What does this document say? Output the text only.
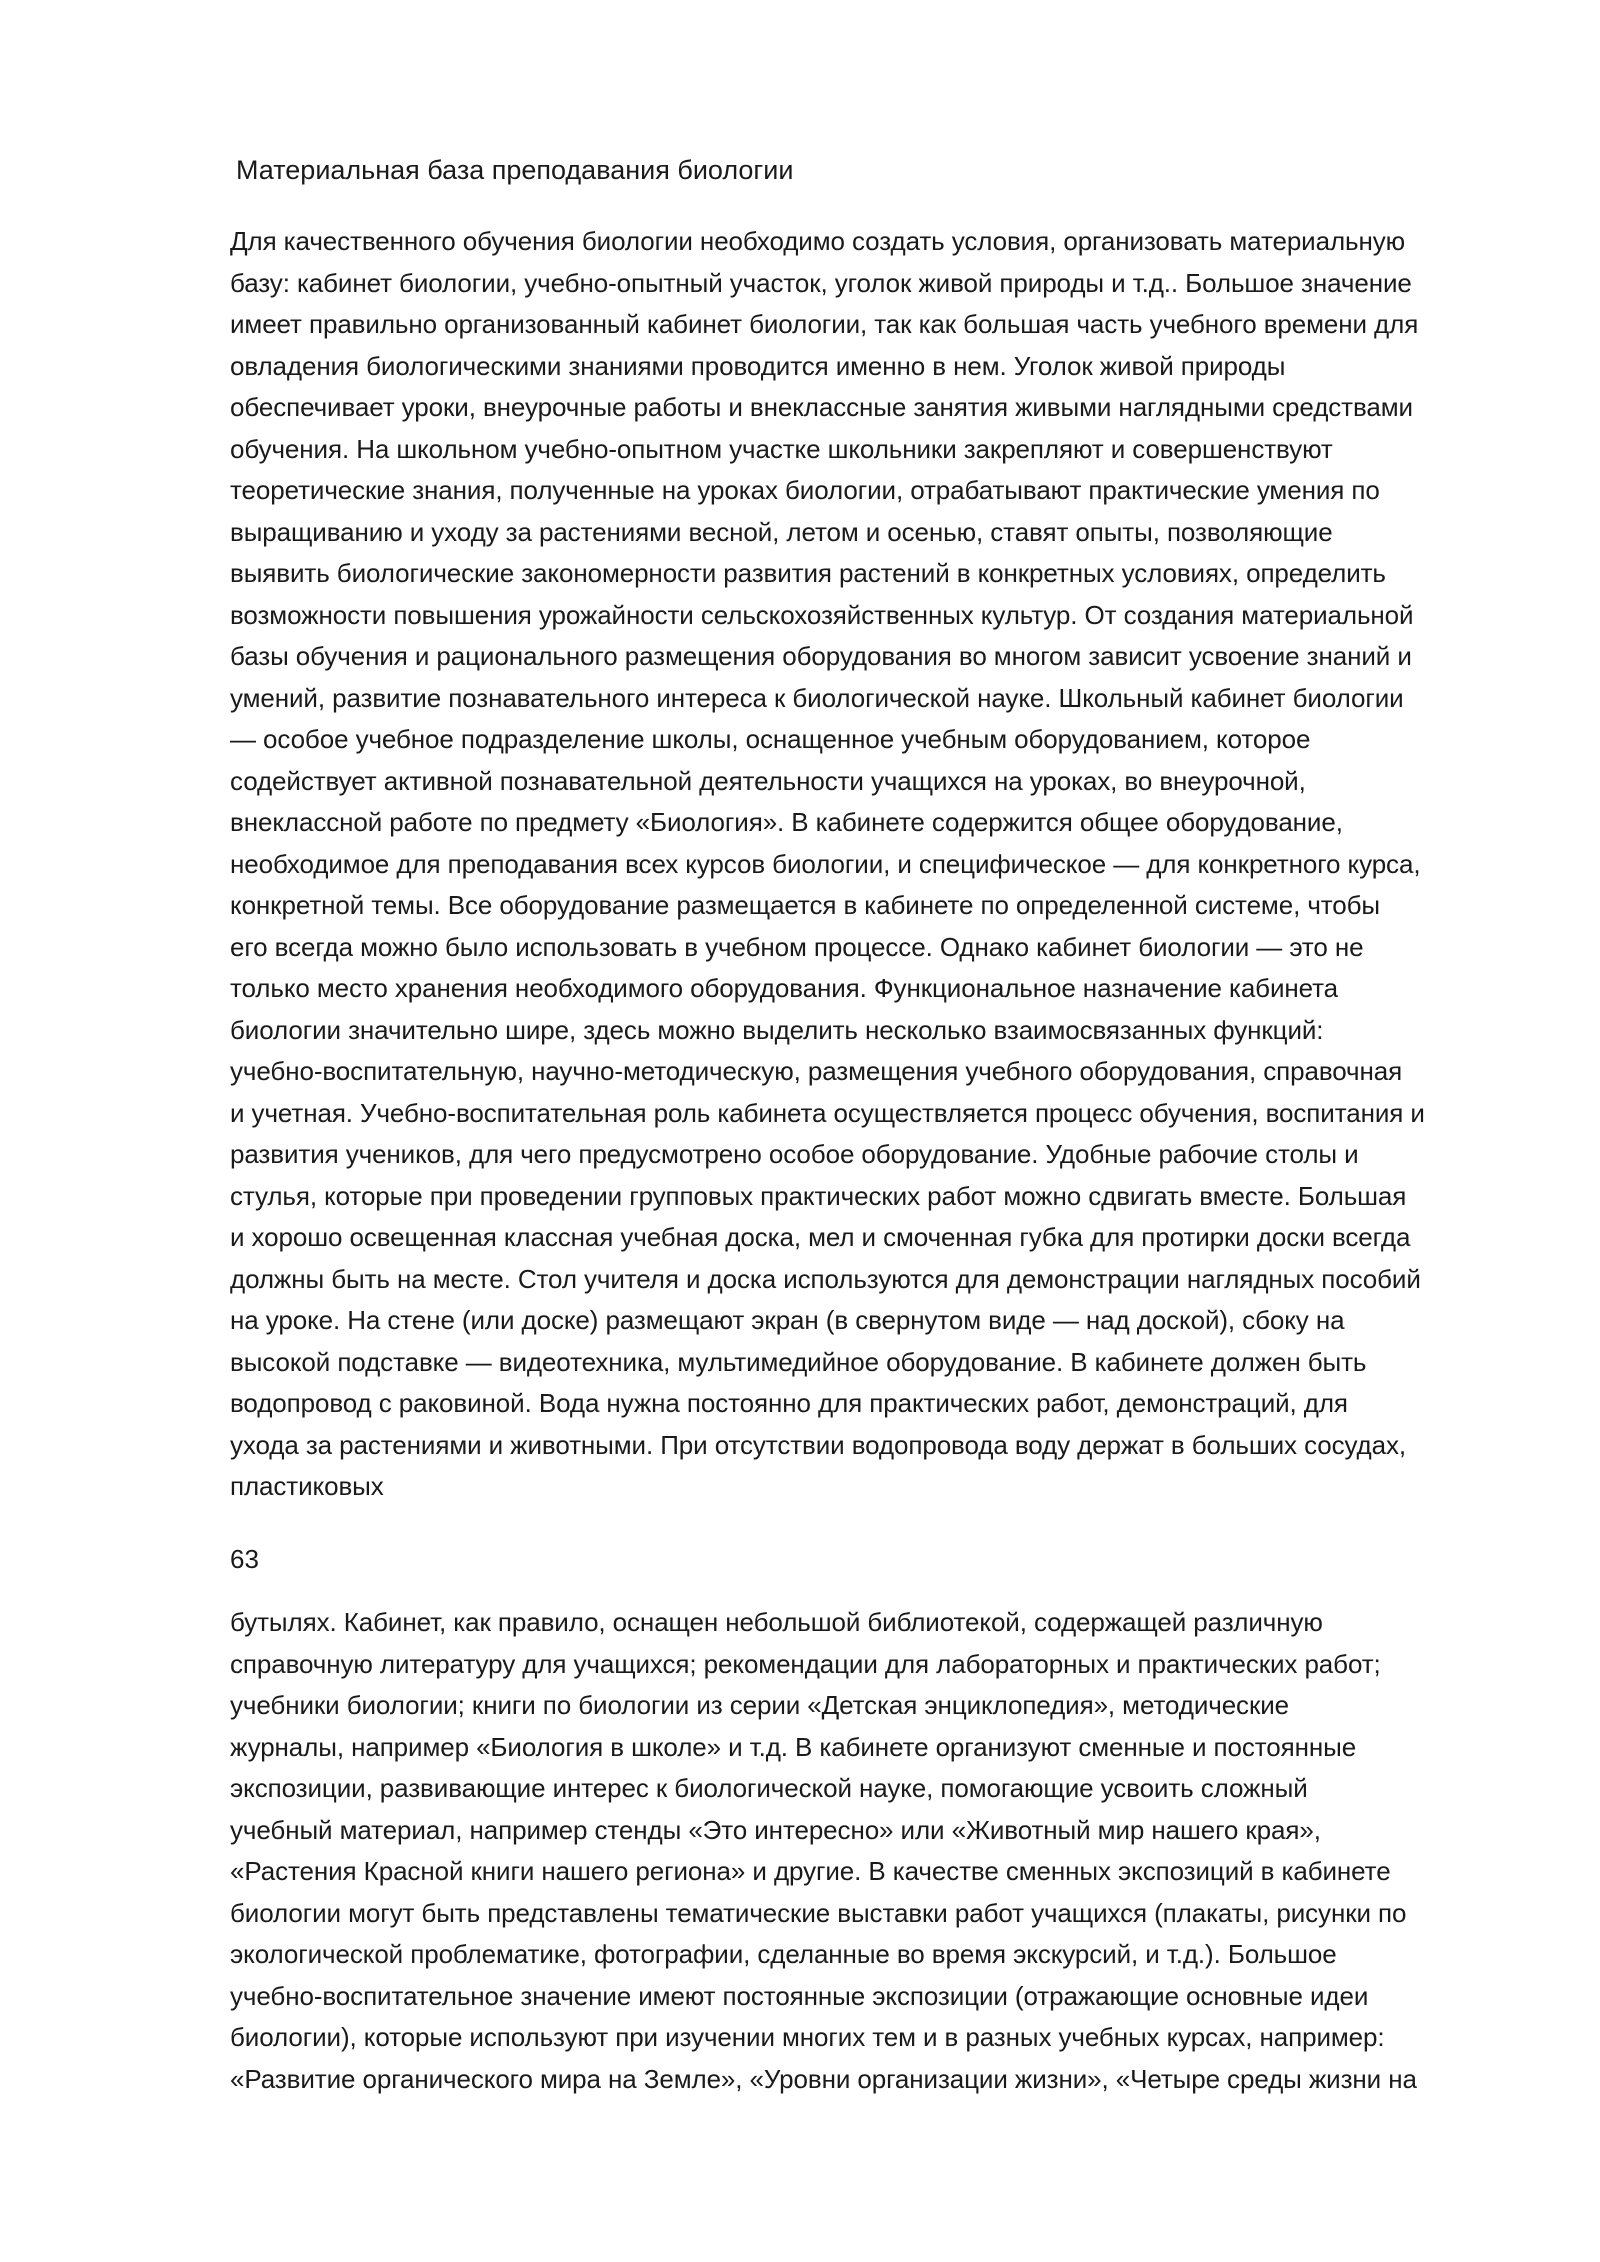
Материальная база преподавания биологии
Для качественного обучения биологии необходимо создать условия, организовать материальную
базу: кабинет биологии, учебно-опытный участок, уголок живой природы и т.д.. Большое значение
имеет правильно организованный кабинет биологии, так как большая часть учебного времени для
овладения биологическими знаниями проводится именно в нем. Уголок живой природы
обеспечивает уроки, внеурочные работы и внеклассные занятия живыми наглядными средствами
обучения. На школьном учебно-опытном участке школьники закрепляют и совершенствуют
теоретические знания, полученные на уроках биологии, отрабатывают практические умения по
выращиванию и уходу за растениями весной, летом и осенью, ставят опыты, позволяющие
выявить биологические закономерности развития растений в конкретных условиях, определить
возможности повышения урожайности сельскохозяйственных культур. От создания материальной
базы обучения и рационального размещения оборудования во многом зависит усвоение знаний и
умений, развитие познавательного интереса к биологической науке. Школьный кабинет биологии
— особое учебное подразделение школы, оснащенное учебным оборудованием, которое
содействует активной познавательной деятельности учащихся на уроках, во внеурочной,
внеклассной работе по предмету «Биология». В кабинете содержится общее оборудование,
необходимое для преподавания всех курсов биологии, и специфическое — для конкретного курса,
конкретной темы. Все оборудование размещается в кабинете по определенной системе, чтобы
его всегда можно было использовать в учебном процессе. Однако кабинет биологии — это не
только место хранения необходимого оборудования. Функциональное назначение кабинета
биологии значительно шире, здесь можно выделить несколько взаимосвязанных функций:
учебно-воспитательную, научно-методическую, размещения учебного оборудования, справочная
и учетная. Учебно-воспитательная роль кабинета осуществляется процесс обучения, воспитания и
развития учеников, для чего предусмотрено особое оборудование. Удобные рабочие столы и
стулья, которые при проведении групповых практических работ можно сдвигать вместе. Большая
и хорошо освещенная классная учебная доска, мел и смоченная губка для протирки доски всегда
должны быть на месте. Стол учителя и доска используются для демонстрации наглядных пособий
на уроке. На стене (или доске) размещают экран (в свернутом виде — над доской), сбоку на
высокой подставке — видеотехника, мультимедийное оборудование. В кабинете должен быть
водопровод с раковиной. Вода нужна постоянно для практических работ, демонстраций, для
ухода за растениями и животными. При отсутствии водопровода воду держат в больших сосудах,
пластиковых
63
бутылях. Кабинет, как правило, оснащен небольшой библиотекой, содержащей различную
справочную литературу для учащихся; рекомендации для лабораторных и практических работ;
учебники биологии; книги по биологии из серии «Детская энциклопедия», методические
журналы, например «Биология в школе» и т.д. В кабинете организуют сменные и постоянные
экспозиции, развивающие интерес к биологической науке, помогающие усвоить сложный
учебный материал, например стенды «Это интересно» или «Животный мир нашего края»,
«Растения Красной книги нашего региона» и другие. В качестве сменных экспозиций в кабинете
биологии могут быть представлены тематические выставки работ учащихся (плакаты, рисунки по
экологической проблематике, фотографии, сделанные во время экскурсий, и т.д.). Большое
учебно-воспитательное значение имеют постоянные экспозиции (отражающие основные идеи
биологии), которые используют при изучении многих тем и в разных учебных курсах, например:
«Развитие органического мира на Земле», «Уровни организации жизни», «Четыре среды жизни на
